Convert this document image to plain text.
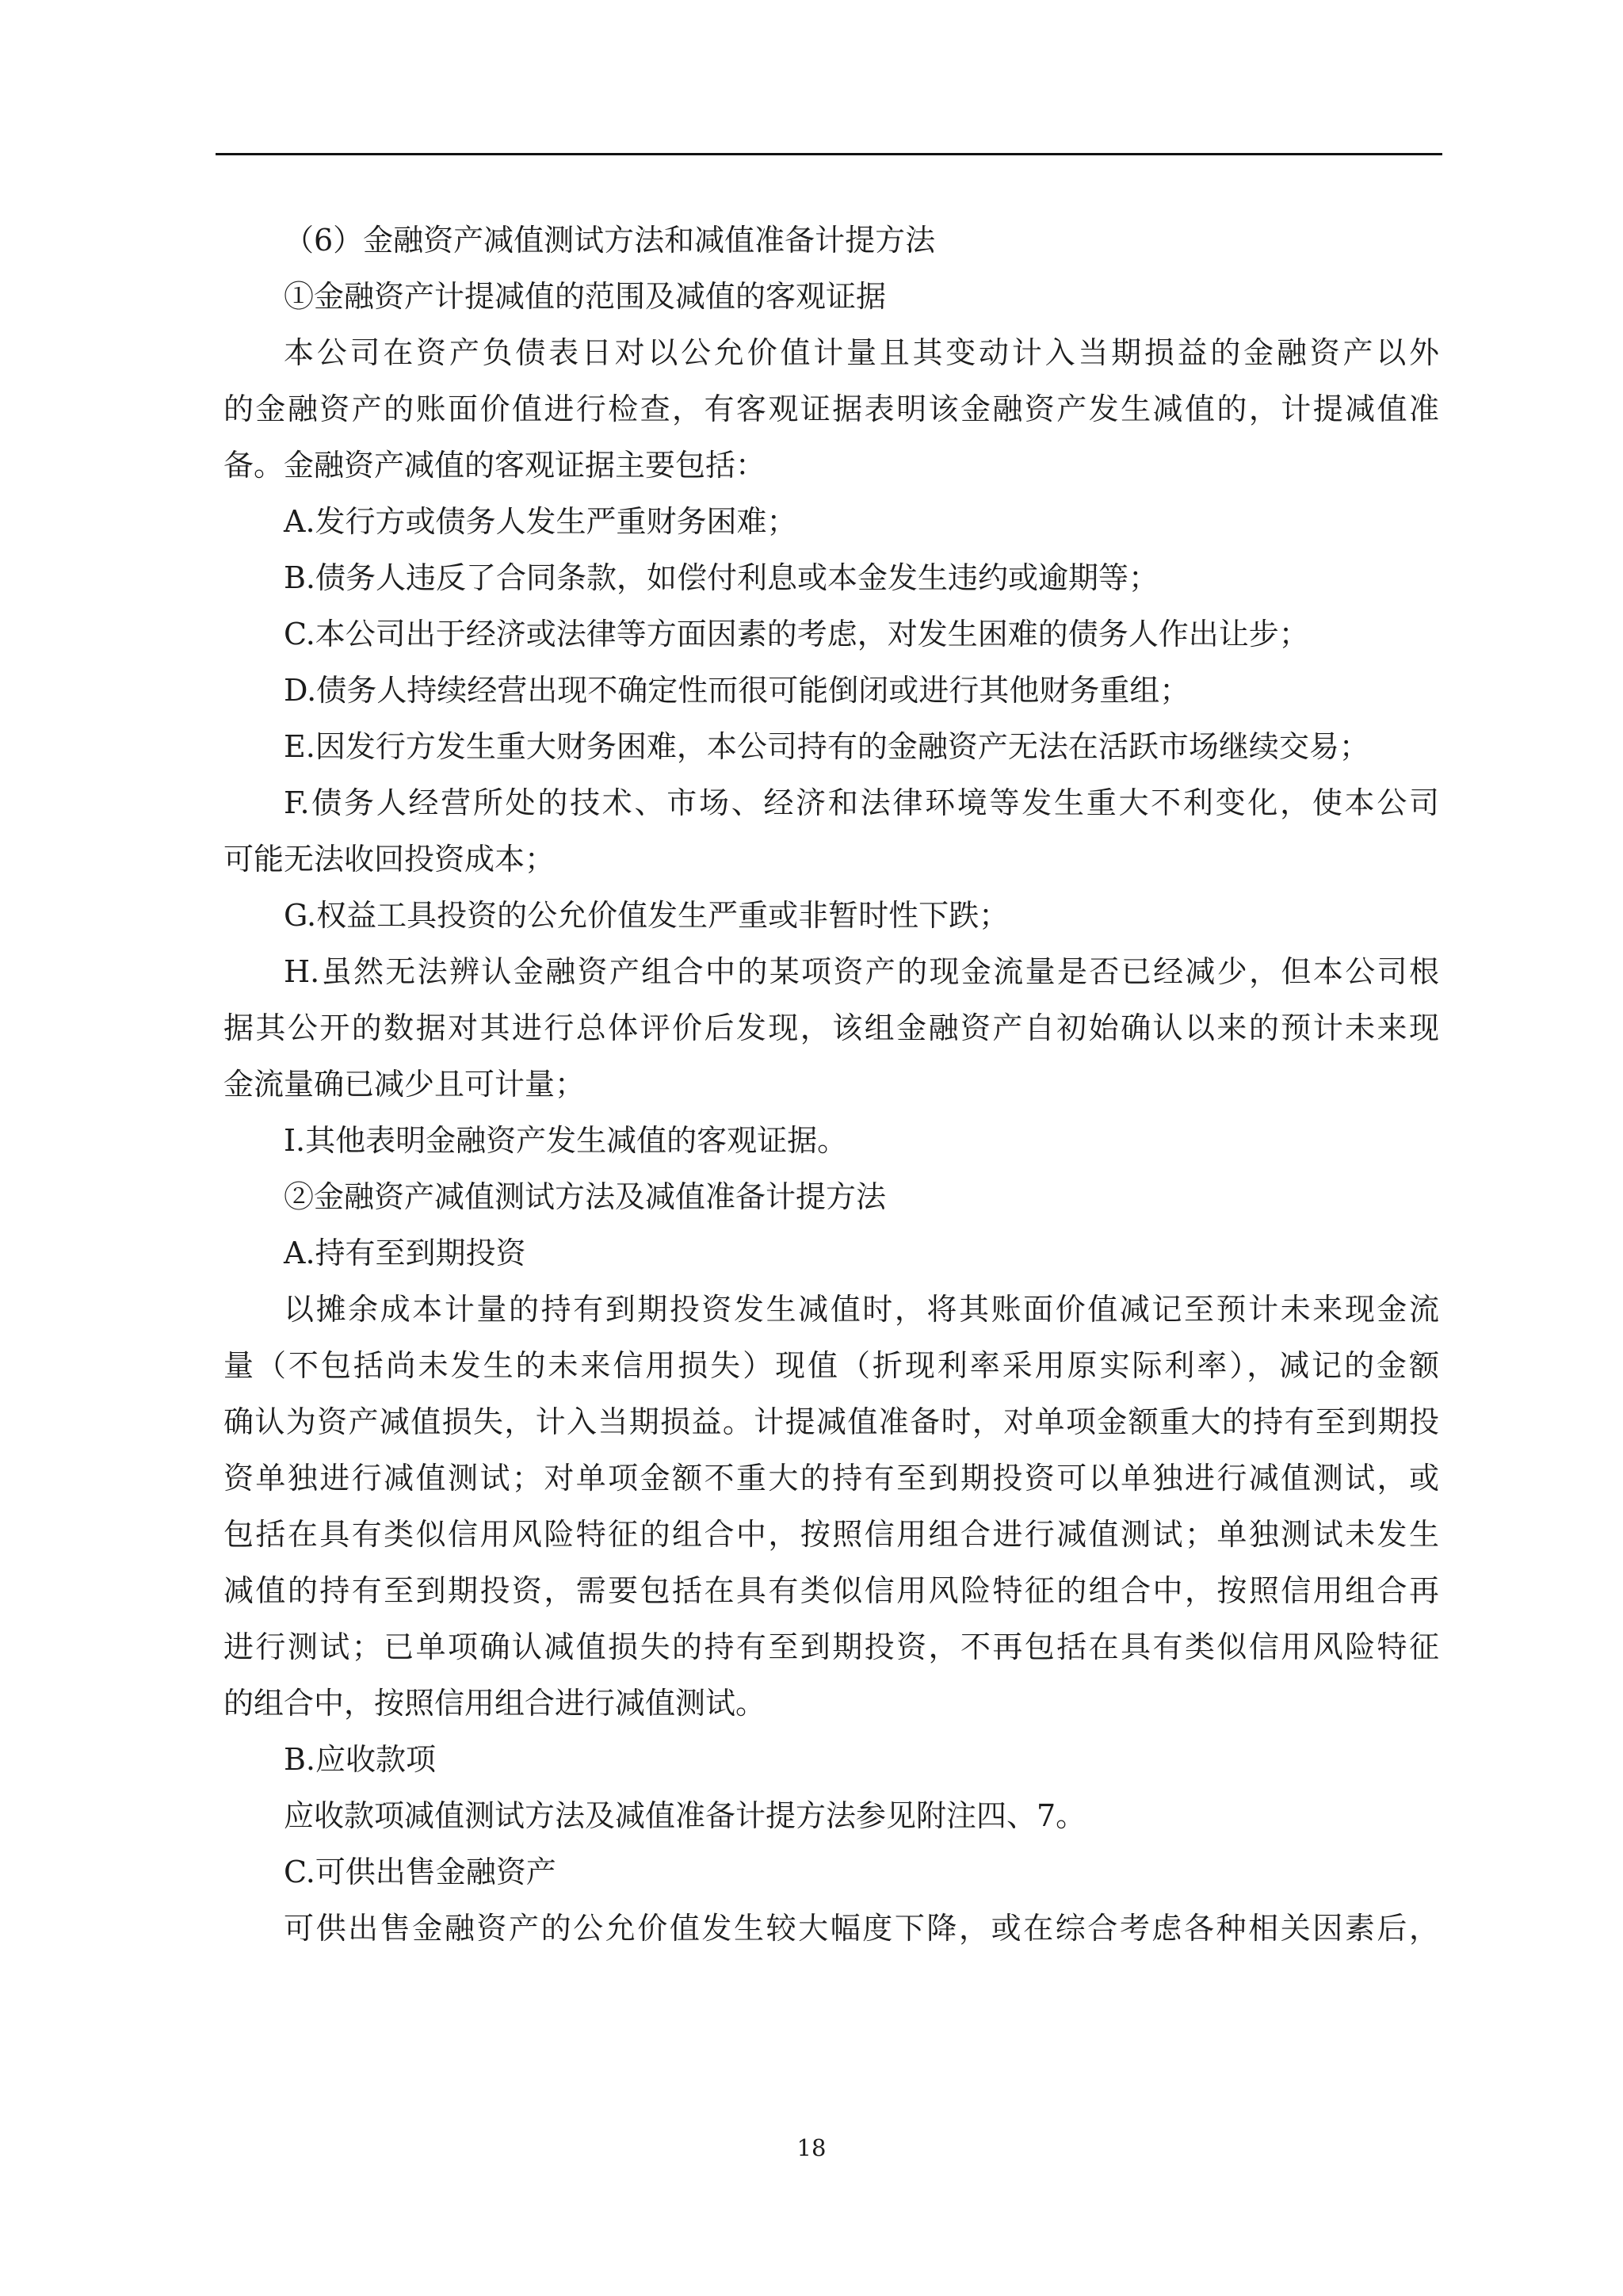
（6）金融资产减值测试方法和减值准备计提方法
①金融资产计提减值的范围及减值的客观证据
本公司在资产负债表日对以公允价值计量且其变动计入当期损益的金融资产以外
的金融资产的账面价值进行检查，有客观证据表明该金融资产发生减值的，计提减值准
备。金融资产减值的客观证据主要包括：
A.发行方或债务人发生严重财务困难；
B.债务人违反了合同条款，如偿付利息或本金发生违约或逾期等；
C.本公司出于经济或法律等方面因素的考虑，对发生困难的债务人作出让步；
D.债务人持续经营出现不确定性而很可能倒闭或进行其他财务重组；
E.因发行方发生重大财务困难，本公司持有的金融资产无法在活跃市场继续交易；
F.债务人经营所处的技术、市场、经济和法律环境等发生重大不利变化，使本公司
可能无法收回投资成本；
G.权益工具投资的公允价值发生严重或非暂时性下跌；
H.虽然无法辨认金融资产组合中的某项资产的现金流量是否已经减少，但本公司根
据其公开的数据对其进行总体评价后发现，该组金融资产自初始确认以来的预计未来现
金流量确已减少且可计量；
I.其他表明金融资产发生减值的客观证据。
②金融资产减值测试方法及减值准备计提方法
A.持有至到期投资
以摊余成本计量的持有到期投资发生减值时，将其账面价值减记至预计未来现金流
量（不包括尚未发生的未来信用损失）现值（折现利率采用原实际利率），减记的金额
确认为资产减值损失，计入当期损益。计提减值准备时，对单项金额重大的持有至到期投
资单独进行减值测试；对单项金额不重大的持有至到期投资可以单独进行减值测试，或
包括在具有类似信用风险特征的组合中，按照信用组合进行减值测试；单独测试未发生
减值的持有至到期投资，需要包括在具有类似信用风险特征的组合中，按照信用组合再
进行测试；已单项确认减值损失的持有至到期投资，不再包括在具有类似信用风险特征
的组合中，按照信用组合进行减值测试。
B.应收款项
应收款项减值测试方法及减值准备计提方法参见附注四、7。
C.可供出售金融资产
可供出售金融资产的公允价值发生较大幅度下降，或在综合考虑各种相关因素后，
18
